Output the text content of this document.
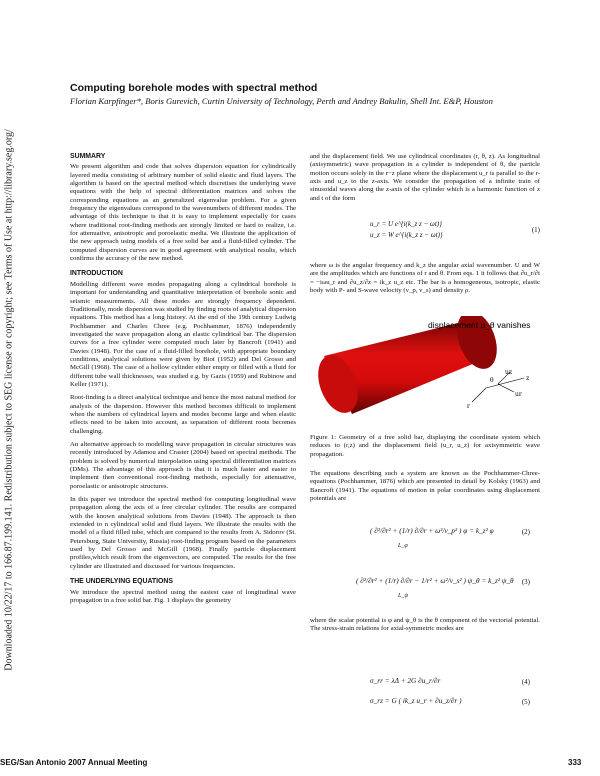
Downloaded 10/22/17 to 166.87.199.141. Redistribution subject to SEG license or copyright; see Terms of Use at http://library.seg.org/
Computing borehole modes with spectral method
Florian Karpfinger*, Boris Gurevich, Curtin University of Technology, Perth and Andrey Bakulin, Shell Int. E&P, Houston
SUMMARY

We present algorithm and code that solves dispersion equation for cylindrically layered media consisting of arbitrary number of solid elastic and fluid layers. The algorithm is based on the spectral method which discretises the underlying wave equations with the help of spectral differentiation matrices and solves the corresponding equations as an generalized eigenvalue problem. For a given frequency the eigenvalues correspond to the wavenumbers of different modes. The advantage of this technique is that it is easy to implement especially for cases where traditional root-finding methods are strongly limited or hard to realize, i.e. for attenuative, anisotropic and poroelastic media. We illustrate the application of the new approach using models of a free solid bar and a fluid-filled cylinder. The computed dispersion curves are in good agreement with analytical results, which confirms the accuracy of the new method.

INTRODUCTION

Modelling different wave modes propagating along a cylindrical borehole is important for understanding and quantitative interpretation of borehole sonic and seismic measurements. All these modes are strongly frequency dependent. Traditionally, mode dispersion was studied by finding roots of analytical dispersion equations. This method has a long history. At the end of the 19th century Ludwig Pochhammer and Charles Chree (e.g. Pochhammer, 1876) independently investigated the wave propagation along an elastic cylindrical bar. The dispersion curves for a free cylinder were computed much later by Bancroft (1941) and Davies (1948). For the case of a fluid-filled borehole, with appropriate boundary conditions, analytical solutions were given by Biot (1952) and Del Grosso and McGill (1968). The case of a hollow cylinder either empty or filled with a fluid for different tube wall thicknesses, was studied e.g. by Gazis (1959) and Rubinow and Keller (1971).

Root-finding is a direct analytical technique and hence the most natural method for analysis of the dispersion. However this method becomes difficult to implement when the numbers of cylindrical layers and modes become large and when elastic effects need to be taken into account, as separation of different roots becomes challenging.

An alternative approach to modelling wave propagation in circular structures was recently introduced by Adamou and Craster (2004) based on spectral methods. The problem is solved by numerical interpolation using spectral differentiation matrices (DMs). The advantage of this approach is that it is much faster and easier to implement then conventional root-finding methods, especially for attenuative, poroelastic or anisotropic structures.

In this paper we introduce the spectral method for computing longitudinal wave propagation along the axis of a free circular cylinder. The results are compared with the known analytical solutions from Davies (1948). The approach is then extended to n cylindrical solid and fluid layers. We illustrate the results with the model of a fluid filled tube, which are compared to the results from A. Sidorov (St. Petersburg, State University, Russia) root-finding program based on the parameters used by Del Grosso and McGill (1968). Finally particle displacement profiles,which result from the eigenvectors, are computed. The results for the free cylinder are illustrated and discussed for various frequencies.

THE UNDERLYING EQUATIONS

We introduce the spectral method using the easiest case of longitudinal wave propagation in a free solid bar. Fig. 1 displays the geometry

and the displacement field. We use cylindrical coordinates (r, θ, z). As longitudinal (axisymmetric) wave propagation in a cylinder is independent of θ, the particle motion occurs solely in the r−z plane where the displacement u_r is parallel to the r-axis and u_z to the z-axis. We consider the propagation of a infinite train of sinusoidal waves along the z-axis of the cylinder which is a harmonic function of z and t of the form
u_r = U e^{i(k_z z − ωt)}
u_z = W e^{i(k_z z − ωt)}
(1)
where ω is the angular frequency and k_z the angular axial wavenumber. U and W are the amplitudes which are functions of r and θ. From eqs. 1 it follows that ∂u_r/∂t = −iωu_r and ∂u_z/∂z = ik_z u_z etc. The bar is a homogeneous, isotropic, elastic body with P- and S-wave velocity (v_p, v_s) and density ρ.
uz
ur
z
r
θ
displacement u_θ vanishes
Figure 1: Geometry of a free solid bar, displaying the coordinate system which reduces to (r,z) and the displacement field (u_r, u_z) for axisymmetric wave propagation.
The equations describing such a system are known as the Pochhammer-Chree-equations (Pochhammer, 1876) which are presented in detail by Kolsky (1963) and Bancroft (1941). The equations of motion in polar coordinates using displacement potentials are
( ∂²/∂r² + (1/r) ∂/∂r + ω²/v_p² ) φ = k_z² φ
L_φ
(2)
( ∂²/∂r² + (1/r) ∂/∂r − 1/r² + ω²/v_s² ) ψ_θ = k_z² ψ_θ
L_ψ
(3)
where the scalar potential is φ and ψ_θ is the θ component of the vectorial potential. The stress-strain relations for axial-symmetric modes are
σ_rr = λΔ + 2G ∂u_r/∂r	(4)
σ_rz = G ( ik_z u_r + ∂u_z/∂r )	(5)
SEG/San Antonio 2007 Annual Meeting	333
